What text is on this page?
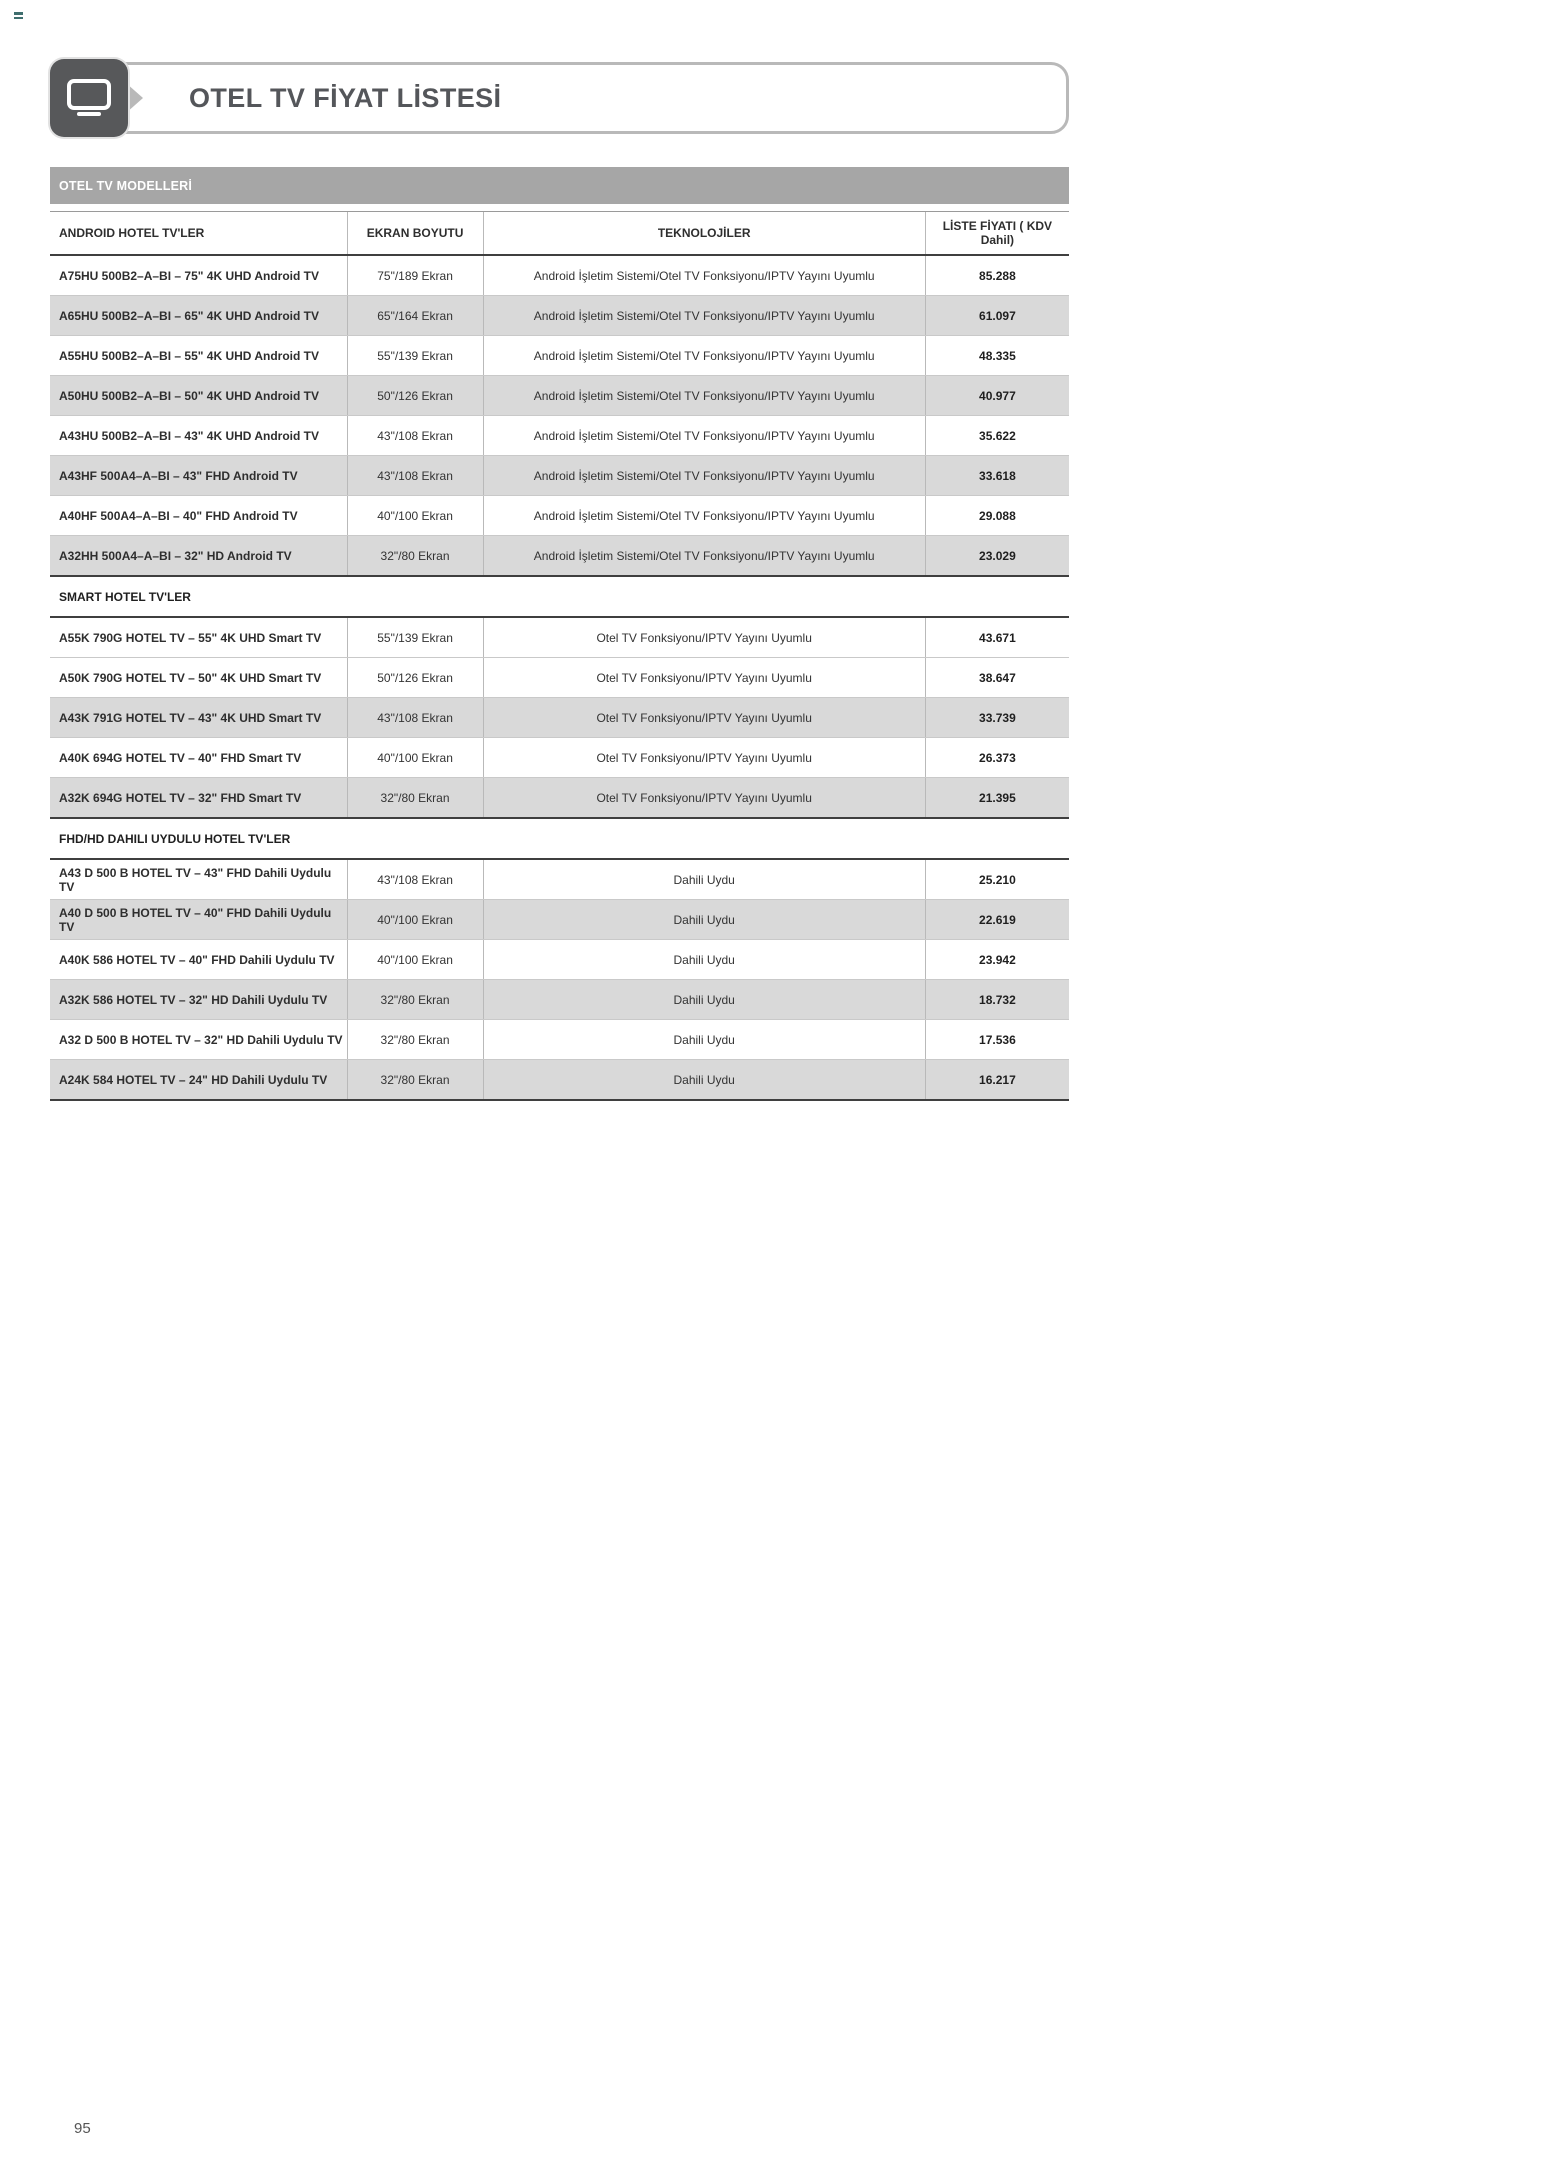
OTEL TV FİYAT LİSTESİ
OTEL TV MODELLERİ
ANDROID HOTEL TV'LER	EKRAN BOYUTU	TEKNOLOJİLER	LİSTE FİYATI ( KDV Dahil)
A75HU 500B2–A–BI – 75" 4K UHD Android TV	75"/189 Ekran	Android İşletim Sistemi/Otel TV Fonksiyonu/IPTV Yayını Uyumlu	85.288
A65HU 500B2–A–BI – 65" 4K UHD Android TV	65"/164 Ekran	Android İşletim Sistemi/Otel TV Fonksiyonu/IPTV Yayını Uyumlu	61.097
A55HU 500B2–A–BI – 55" 4K UHD Android TV	55"/139 Ekran	Android İşletim Sistemi/Otel TV Fonksiyonu/IPTV Yayını Uyumlu	48.335
A50HU 500B2–A–BI – 50" 4K UHD Android TV	50"/126 Ekran	Android İşletim Sistemi/Otel TV Fonksiyonu/IPTV Yayını Uyumlu	40.977
A43HU 500B2–A–BI – 43" 4K UHD Android TV	43"/108 Ekran	Android İşletim Sistemi/Otel TV Fonksiyonu/IPTV Yayını Uyumlu	35.622
A43HF 500A4–A–BI – 43" FHD Android TV	43"/108 Ekran	Android İşletim Sistemi/Otel TV Fonksiyonu/IPTV Yayını Uyumlu	33.618
A40HF 500A4–A–BI – 40" FHD Android TV	40"/100 Ekran	Android İşletim Sistemi/Otel TV Fonksiyonu/IPTV Yayını Uyumlu	29.088
A32HH 500A4–A–BI – 32" HD Android TV	32"/80 Ekran	Android İşletim Sistemi/Otel TV Fonksiyonu/IPTV Yayını Uyumlu	23.029
SMART HOTEL TV'LER			
A55K 790G HOTEL TV – 55" 4K UHD Smart TV	55"/139 Ekran	Otel TV Fonksiyonu/IPTV Yayını Uyumlu	43.671
A50K 790G HOTEL TV – 50" 4K UHD Smart TV	50"/126 Ekran	Otel TV Fonksiyonu/IPTV Yayını Uyumlu	38.647
A43K 791G HOTEL TV – 43" 4K UHD Smart TV	43"/108 Ekran	Otel TV Fonksiyonu/IPTV Yayını Uyumlu	33.739
A40K 694G HOTEL TV – 40" FHD Smart TV	40"/100 Ekran	Otel TV Fonksiyonu/IPTV Yayını Uyumlu	26.373
A32K 694G HOTEL TV – 32" FHD Smart TV	32"/80 Ekran	Otel TV Fonksiyonu/IPTV Yayını Uyumlu	21.395
FHD/HD DAHILI UYDULU HOTEL TV'LER			
A43 D 500 B HOTEL TV – 43" FHD Dahili Uydulu TV	43"/108 Ekran	Dahili Uydu	25.210
A40 D 500 B HOTEL TV – 40" FHD Dahili Uydulu TV	40"/100 Ekran	Dahili Uydu	22.619
A40K 586 HOTEL TV – 40" FHD Dahili Uydulu TV	40"/100 Ekran	Dahili Uydu	23.942
A32K 586 HOTEL TV – 32" HD Dahili Uydulu TV	32"/80 Ekran	Dahili Uydu	18.732
A32 D 500 B HOTEL TV – 32" HD Dahili Uydulu TV	32"/80 Ekran	Dahili Uydu	17.536
A24K 584 HOTEL TV – 24" HD Dahili Uydulu TV	32"/80 Ekran	Dahili Uydu	16.217
95
